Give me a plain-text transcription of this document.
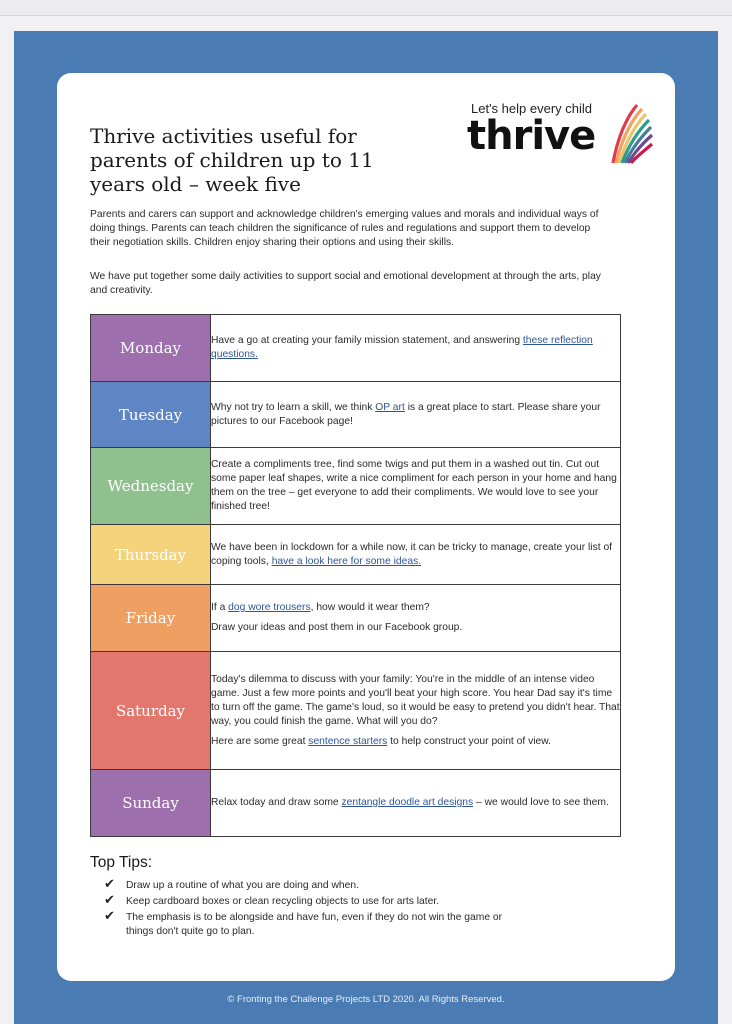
Thrive activities useful for parents of children up to 11 years old – week five
Let's help every child
thrive

Parents and carers can support and acknowledge children's emerging values and morals and individual ways of doing things. Parents can teach children the significance of rules and regulations and support them to develop their negotiation skills. Children enjoy sharing their options and using their skills.

We have put together some daily activities to support social and emotional development at through the arts, play and creativity.

Monday	Have a go at creating your family mission statement, and answering these reflection questions.

Tuesday	Why not try to learn a skill, we think OP art is a great place to start. Please share your pictures to our Facebook page!

Wednesday	Create a compliments tree, find some twigs and put them in a washed out tin. Cut out some paper leaf shapes, write a nice compliment for each person in your home and hang them on the tree – get everyone to add their compliments. We would love to see your finished tree!

Thursday	We have been in lockdown for a while now, it can be tricky to manage, create your list of coping tools, have a look here for some ideas.

Friday	If a dog wore trousers, how would it wear them?

Draw your ideas and post them in our Facebook group.

Saturday	Today's dilemma to discuss with your family: You're in the middle of an intense video game. Just a few more points and you'll beat your high score. You hear Dad say it's time to turn off the game. The game's loud, so it would be easy to pretend you didn't hear. That way, you could finish the game. What will you do?

Here are some great sentence starters to help construct your point of view.

Sunday	Relax today and draw some zentangle doodle art designs – we would love to see them.

Top Tips:
✔ Draw up a routine of what you are doing and when.
✔ Keep cardboard boxes or clean recycling objects to use for arts later.
✔ The emphasis is to be alongside and have fun, even if they do not win the game or things don't quite go to plan.
© Fronting the Challenge Projects LTD 2020. All Rights Reserved.
